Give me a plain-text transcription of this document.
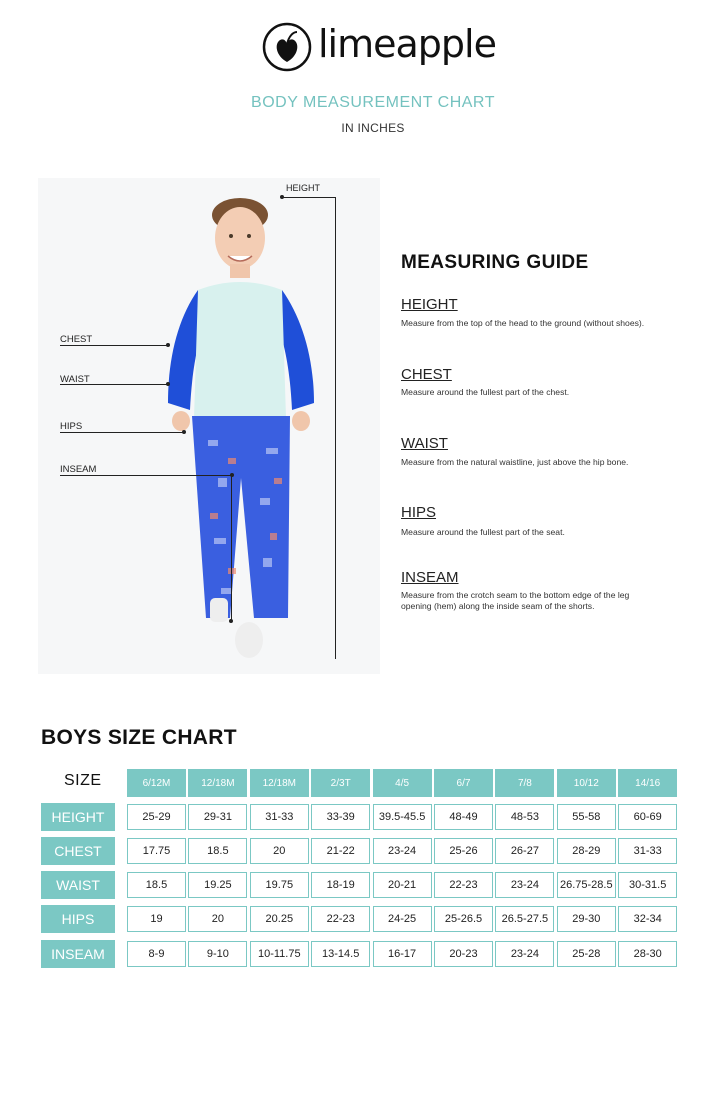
limeapple
BODY MEASUREMENT CHART
IN INCHES
HEIGHT
CHEST
WAIST
HIPS
INSEAM
MEASURING GUIDE
HEIGHT
Measure from the top of the head to the ground (without shoes).
CHEST
Measure around the fullest part of the chest.
WAIST
Measure from the natural waistline, just above the hip bone.
HIPS
Measure around the fullest part of the seat.
INSEAM
Measure from the crotch seam to the bottom edge of the leg opening (hem) along the inside seam of the shorts.
BOYS SIZE CHART
SIZE	6/12M	12/18M	12/18M	2/3T	4/5	6/7	7/8	10/12	14/16
HEIGHT	25-29	29-31	31-33	33-39	39.5-45.5	48-49	48-53	55-58	60-69
CHEST	17.75	18.5	20	21-22	23-24	25-26	26-27	28-29	31-33
WAIST	18.5	19.25	19.75	18-19	20-21	22-23	23-24	26.75-28.5	30-31.5
HIPS	19	20	20.25	22-23	24-25	25-26.5	26.5-27.5	29-30	32-34
INSEAM	8-9	9-10	10-11.75	13-14.5	16-17	20-23	23-24	25-28	28-30
